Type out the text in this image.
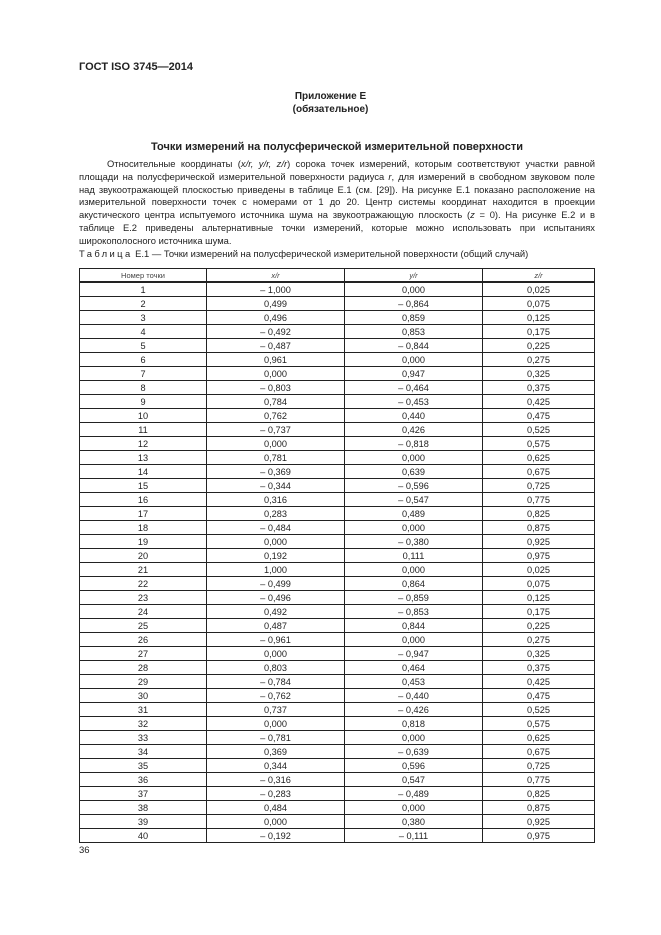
ГОСТ ISO 3745—2014
Приложение Е
(обязательное)
Точки измерений на полусферической измерительной поверхности
Относительные координаты (x/r, y/r, z/r) сорока точек измерений, которым соответствуют участки равной площади на полусферической измерительной поверхности радиуса r, для измерений в свободном звуковом поле над звукоотражающей плоскостью приведены в таблице Е.1 (см. [29]). На рисунке Е.1 показано расположение на измерительной поверхности точек с номерами от 1 до 20. Центр системы координат находится в проекции акустического центра испытуемого источника шума на звукоотражающую плоскость (z = 0). На рисунке Е.2 и в таблице Е.2 приведены альтернативные точки измерений, которые можно использовать при испытаниях широкополосного источника шума.
Таблица Е.1 — Точки измерений на полусферической измерительной поверхности (общий случай)
Номер точки	x/r	y/r	z/r
1	– 1,000	0,000	0,025
2	0,499	– 0,864	0,075
3	0,496	0,859	0,125
4	– 0,492	0,853	0,175
5	– 0,487	– 0,844	0,225
6	0,961	0,000	0,275
7	0,000	0,947	0,325
8	– 0,803	– 0,464	0,375
9	0,784	– 0,453	0,425
10	0,762	0,440	0,475
11	– 0,737	0,426	0,525
12	0,000	– 0,818	0,575
13	0,781	0,000	0,625
14	– 0,369	0,639	0,675
15	– 0,344	– 0,596	0,725
16	0,316	– 0,547	0,775
17	0,283	0,489	0,825
18	– 0,484	0,000	0,875
19	0,000	– 0,380	0,925
20	0,192	0,111	0,975
21	1,000	0,000	0,025
22	– 0,499	0,864	0,075
23	– 0,496	– 0,859	0,125
24	0,492	– 0,853	0,175
25	0,487	0,844	0,225
26	– 0,961	0,000	0,275
27	0,000	– 0,947	0,325
28	0,803	0,464	0,375
29	– 0,784	0,453	0,425
30	– 0,762	– 0,440	0,475
31	0,737	– 0,426	0,525
32	0,000	0,818	0,575
33	– 0,781	0,000	0,625
34	0,369	– 0,639	0,675
35	0,344	0,596	0,725
36	– 0,316	0,547	0,775
37	– 0,283	– 0,489	0,825
38	0,484	0,000	0,875
39	0,000	0,380	0,925
40	– 0,192	– 0,111	0,975
36
